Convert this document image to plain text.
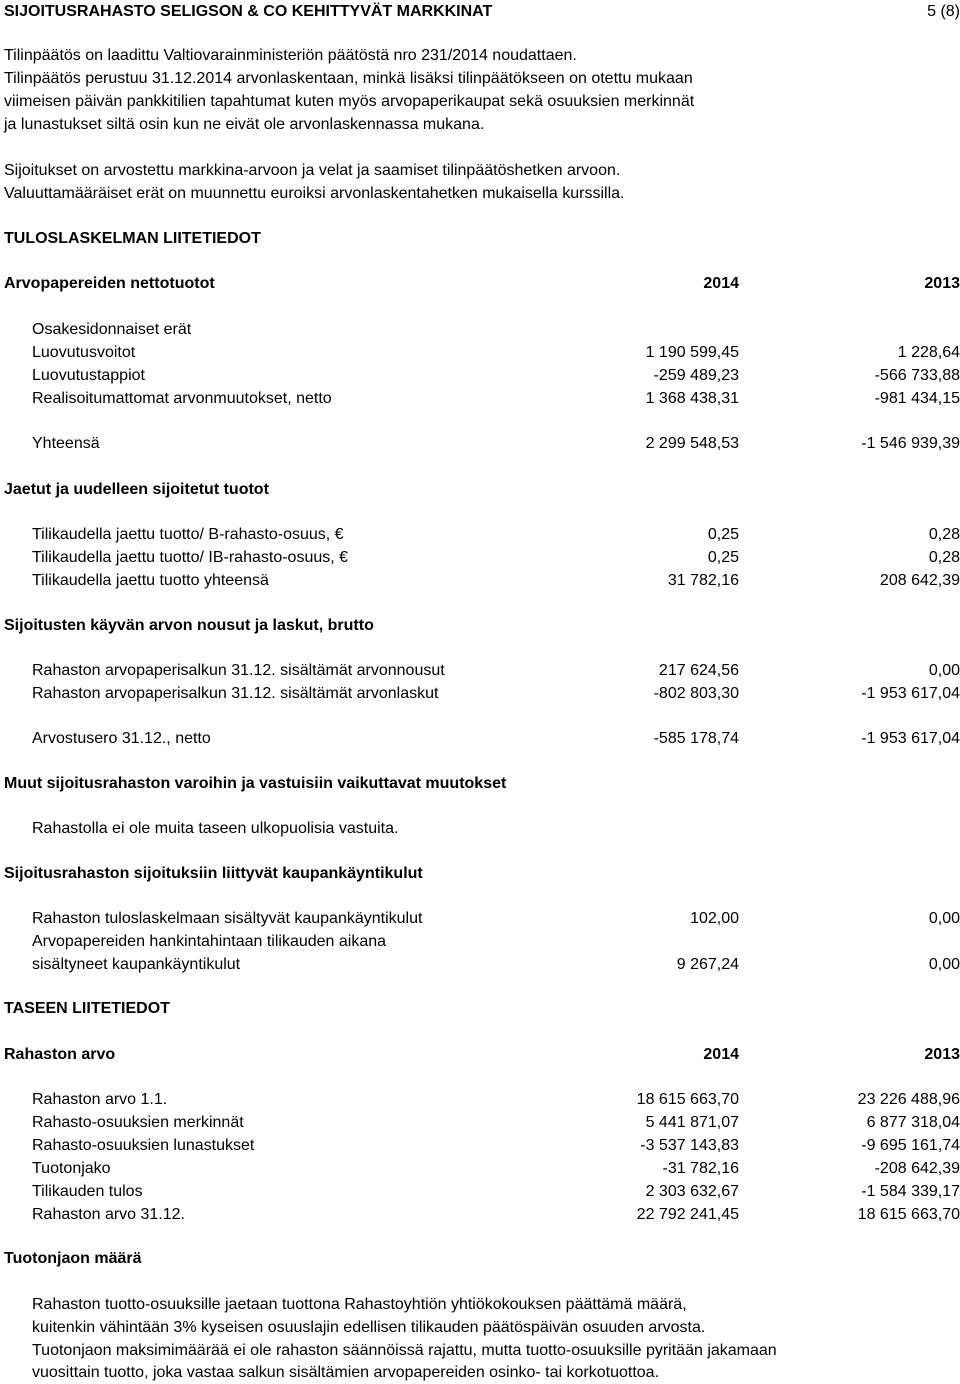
SIJOITUSRAHASTO SELIGSON & CO KEHITTYVÄT MARKKINAT	5 (8)
Tilinpäätös on laadittu Valtiovarainministeriön päätöstä nro 231/2014 noudattaen.
Tilinpäätös perustuu 31.12.2014 arvonlaskentaan, minkä lisäksi tilinpäätökseen on otettu mukaan
viimeisen päivän pankkitilien tapahtumat kuten myös arvopaperikaupat sekä osuuksien merkinnät
ja lunastukset siltä osin kun ne eivät ole arvonlaskennassa mukana.
Sijoitukset on arvostettu markkina-arvoon ja velat ja saamiset tilinpäätöshetken arvoon.
Valuuttamääräiset erät on muunnettu euroiksi arvonlaskentahetken mukaisella kurssilla.
TULOSLASKELMAN LIITETIEDOT
Arvopapereiden nettotuotot	2014	2013
Osakesidonnaiset erät
Luovutusvoitot	1 190 599,45	1 228,64
Luovutustappiot	-259 489,23	-566 733,88
Realisoitumattomat arvonmuutokset, netto	1 368 438,31	-981 434,15
Yhteensä	2 299 548,53	-1 546 939,39
Jaetut ja uudelleen sijoitetut tuotot
Tilikaudella jaettu tuotto/ B-rahasto-osuus, €	0,25	0,28
Tilikaudella jaettu tuotto/ IB-rahasto-osuus, €	0,25	0,28
Tilikaudella jaettu tuotto yhteensä	31 782,16	208 642,39
Sijoitusten käyvän arvon nousut ja laskut, brutto
Rahaston arvopaperisalkun 31.12. sisältämät arvonnousut	217 624,56	0,00
Rahaston arvopaperisalkun 31.12. sisältämät arvonlaskut	-802 803,30	-1 953 617,04
Arvostusero 31.12., netto	-585 178,74	-1 953 617,04
Muut sijoitusrahaston varoihin ja vastuisiin vaikuttavat muutokset
Rahastolla ei ole muita taseen ulkopuolisia vastuita.
Sijoitusrahaston sijoituksiin liittyvät kaupankäyntikulut
Rahaston tuloslaskelmaan sisältyvät kaupankäyntikulut	102,00	0,00
Arvopapereiden hankintahintaan tilikauden aikana
sisältyneet kaupankäyntikulut	9 267,24	0,00
TASEEN LIITETIEDOT
Rahaston arvo	2014	2013
Rahaston arvo 1.1.	18 615 663,70	23 226 488,96
Rahasto-osuuksien merkinnät	5 441 871,07	6 877 318,04
Rahasto-osuuksien lunastukset	-3 537 143,83	-9 695 161,74
Tuotonjako	-31 782,16	-208 642,39
Tilikauden tulos	2 303 632,67	-1 584 339,17
Rahaston arvo 31.12.	22 792 241,45	18 615 663,70
Tuotonjaon määrä
Rahaston tuotto-osuuksille jaetaan tuottona Rahastoyhtiön yhtiökokouksen päättämä määrä,
kuitenkin vähintään 3% kyseisen osuuslajin edellisen tilikauden päätöspäivän osuuden arvosta.
Tuotonjaon maksimimäärää ei ole rahaston säännöissä rajattu, mutta tuotto-osuuksille pyritään jakamaan
vuosittain tuotto, joka vastaa salkun sisältämien arvopapereiden osinko- tai korkotuottoa.
